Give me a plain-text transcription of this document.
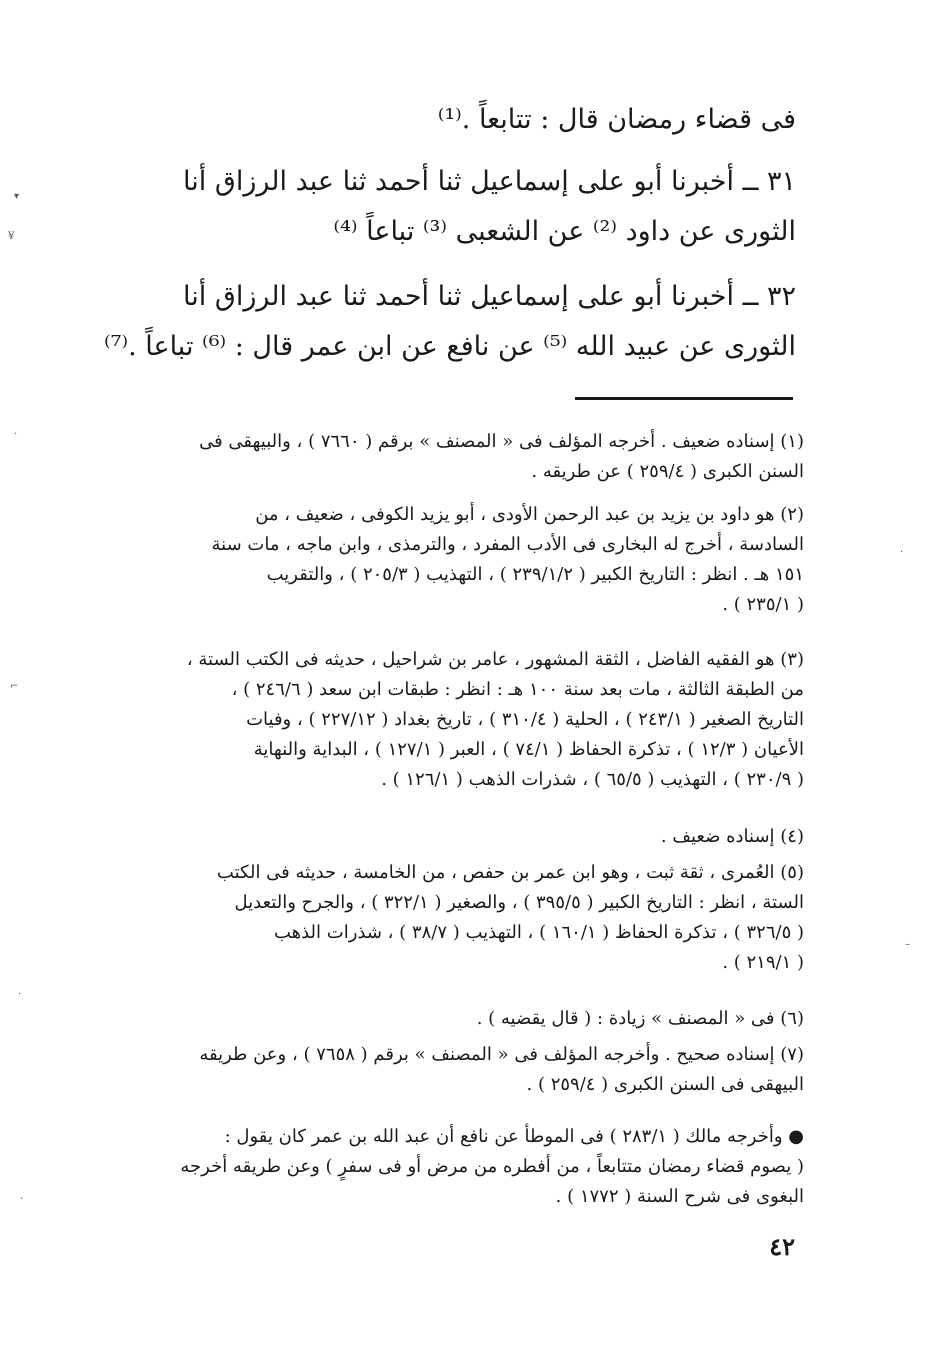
فى قضاء رمضان قال : تتابعاً .⁽¹⁾
٣١ ــ أخبرنا أبو على إسماعيل ثنا أحمد ثنا عبد الرزاق أنا
الثورى عن داود ⁽²⁾ عن الشعبى ⁽³⁾ تباعاً ⁽⁴⁾
٣٢ ــ أخبرنا أبو على إسماعيل ثنا أحمد ثنا عبد الرزاق أنا
الثورى عن عبيد الله ⁽⁵⁾ عن نافع عن ابن عمر قال : ⁽⁶⁾ تباعاً .⁽⁷⁾
(١) إسناده ضعيف . أخرجه المؤلف فى « المصنف » برقم ( ٧٦٦٠ ) ، والبيهقى فى
السنن الكبرى ( ٢٥٩/٤ ) عن طريقه .
(٢) هو داود بن يزيد بن عبد الرحمن الأودى ، أبو يزيد الكوفى ، ضعيف ، من
السادسة ، أخرج له البخارى فى الأدب المفرد ، والترمذى ، وابن ماجه ، مات سنة
١٥١ هـ . انظر : التاريخ الكبير ( ٢٣٩/١/٢ ) ، التهذيب ( ٢٠٥/٣ ) ، والتقريب
( ٢٣٥/١ ) .
(٣) هو الفقيه الفاضل ، الثقة المشهور ، عامر بن شراحيل ، حديثه فى الكتب الستة ،
من الطبقة الثالثة ، مات بعد سنة ١٠٠ هـ : انظر : طبقات ابن سعد ( ٢٤٦/٦ ) ،
التاريخ الصغير ( ٢٤٣/١ ) ، الحلية ( ٣١٠/٤ ) ، تاريخ بغداد ( ٢٢٧/١٢ ) ، وفيات
الأعيان ( ١٢/٣ ) ، تذكرة الحفاظ ( ٧٤/١ ) ، العبر ( ١٢٧/١ ) ، البداية والنهاية
( ٢٣٠/٩ ) ، التهذيب ( ٦٥/٥ ) ، شذرات الذهب ( ١٢٦/١ ) .
(٤) إسناده ضعيف .
(٥) العُمرى ، ثقة ثبت ، وهو ابن عمر بن حفص ، من الخامسة ، حديثه فى الكتب
الستة ، انظر : التاريخ الكبير ( ٣٩٥/٥ ) ، والصغير ( ٣٢٢/١ ) ، والجرح والتعديل
( ٣٢٦/٥ ) ، تذكرة الحفاظ ( ١٦٠/١ ) ، التهذيب ( ٣٨/٧ ) ، شذرات الذهب
( ٢١٩/١ ) .
(٦) فى « المصنف » زيادة : ( قال يقضيه ) .
(٧) إسناده صحيح . وأخرجه المؤلف فى « المصنف » برقم ( ٧٦٥٨ ) ، وعن طريقه
البيهقى فى السنن الكبرى ( ٢٥٩/٤ ) .
● وأخرجه مالك ( ٢٨٣/١ ) فى الموطأ عن نافع أن عبد الله بن عمر كان يقول :
( يصوم قضاء رمضان متتابعاً ، من أفطره من مرض أو فى سفرٍ ) وعن طريقه أخرجه
البغوى فى شرح السنة ( ١٧٧٢ ) .
٤٢
▾
¥
·
⌐
·
·
·
–
